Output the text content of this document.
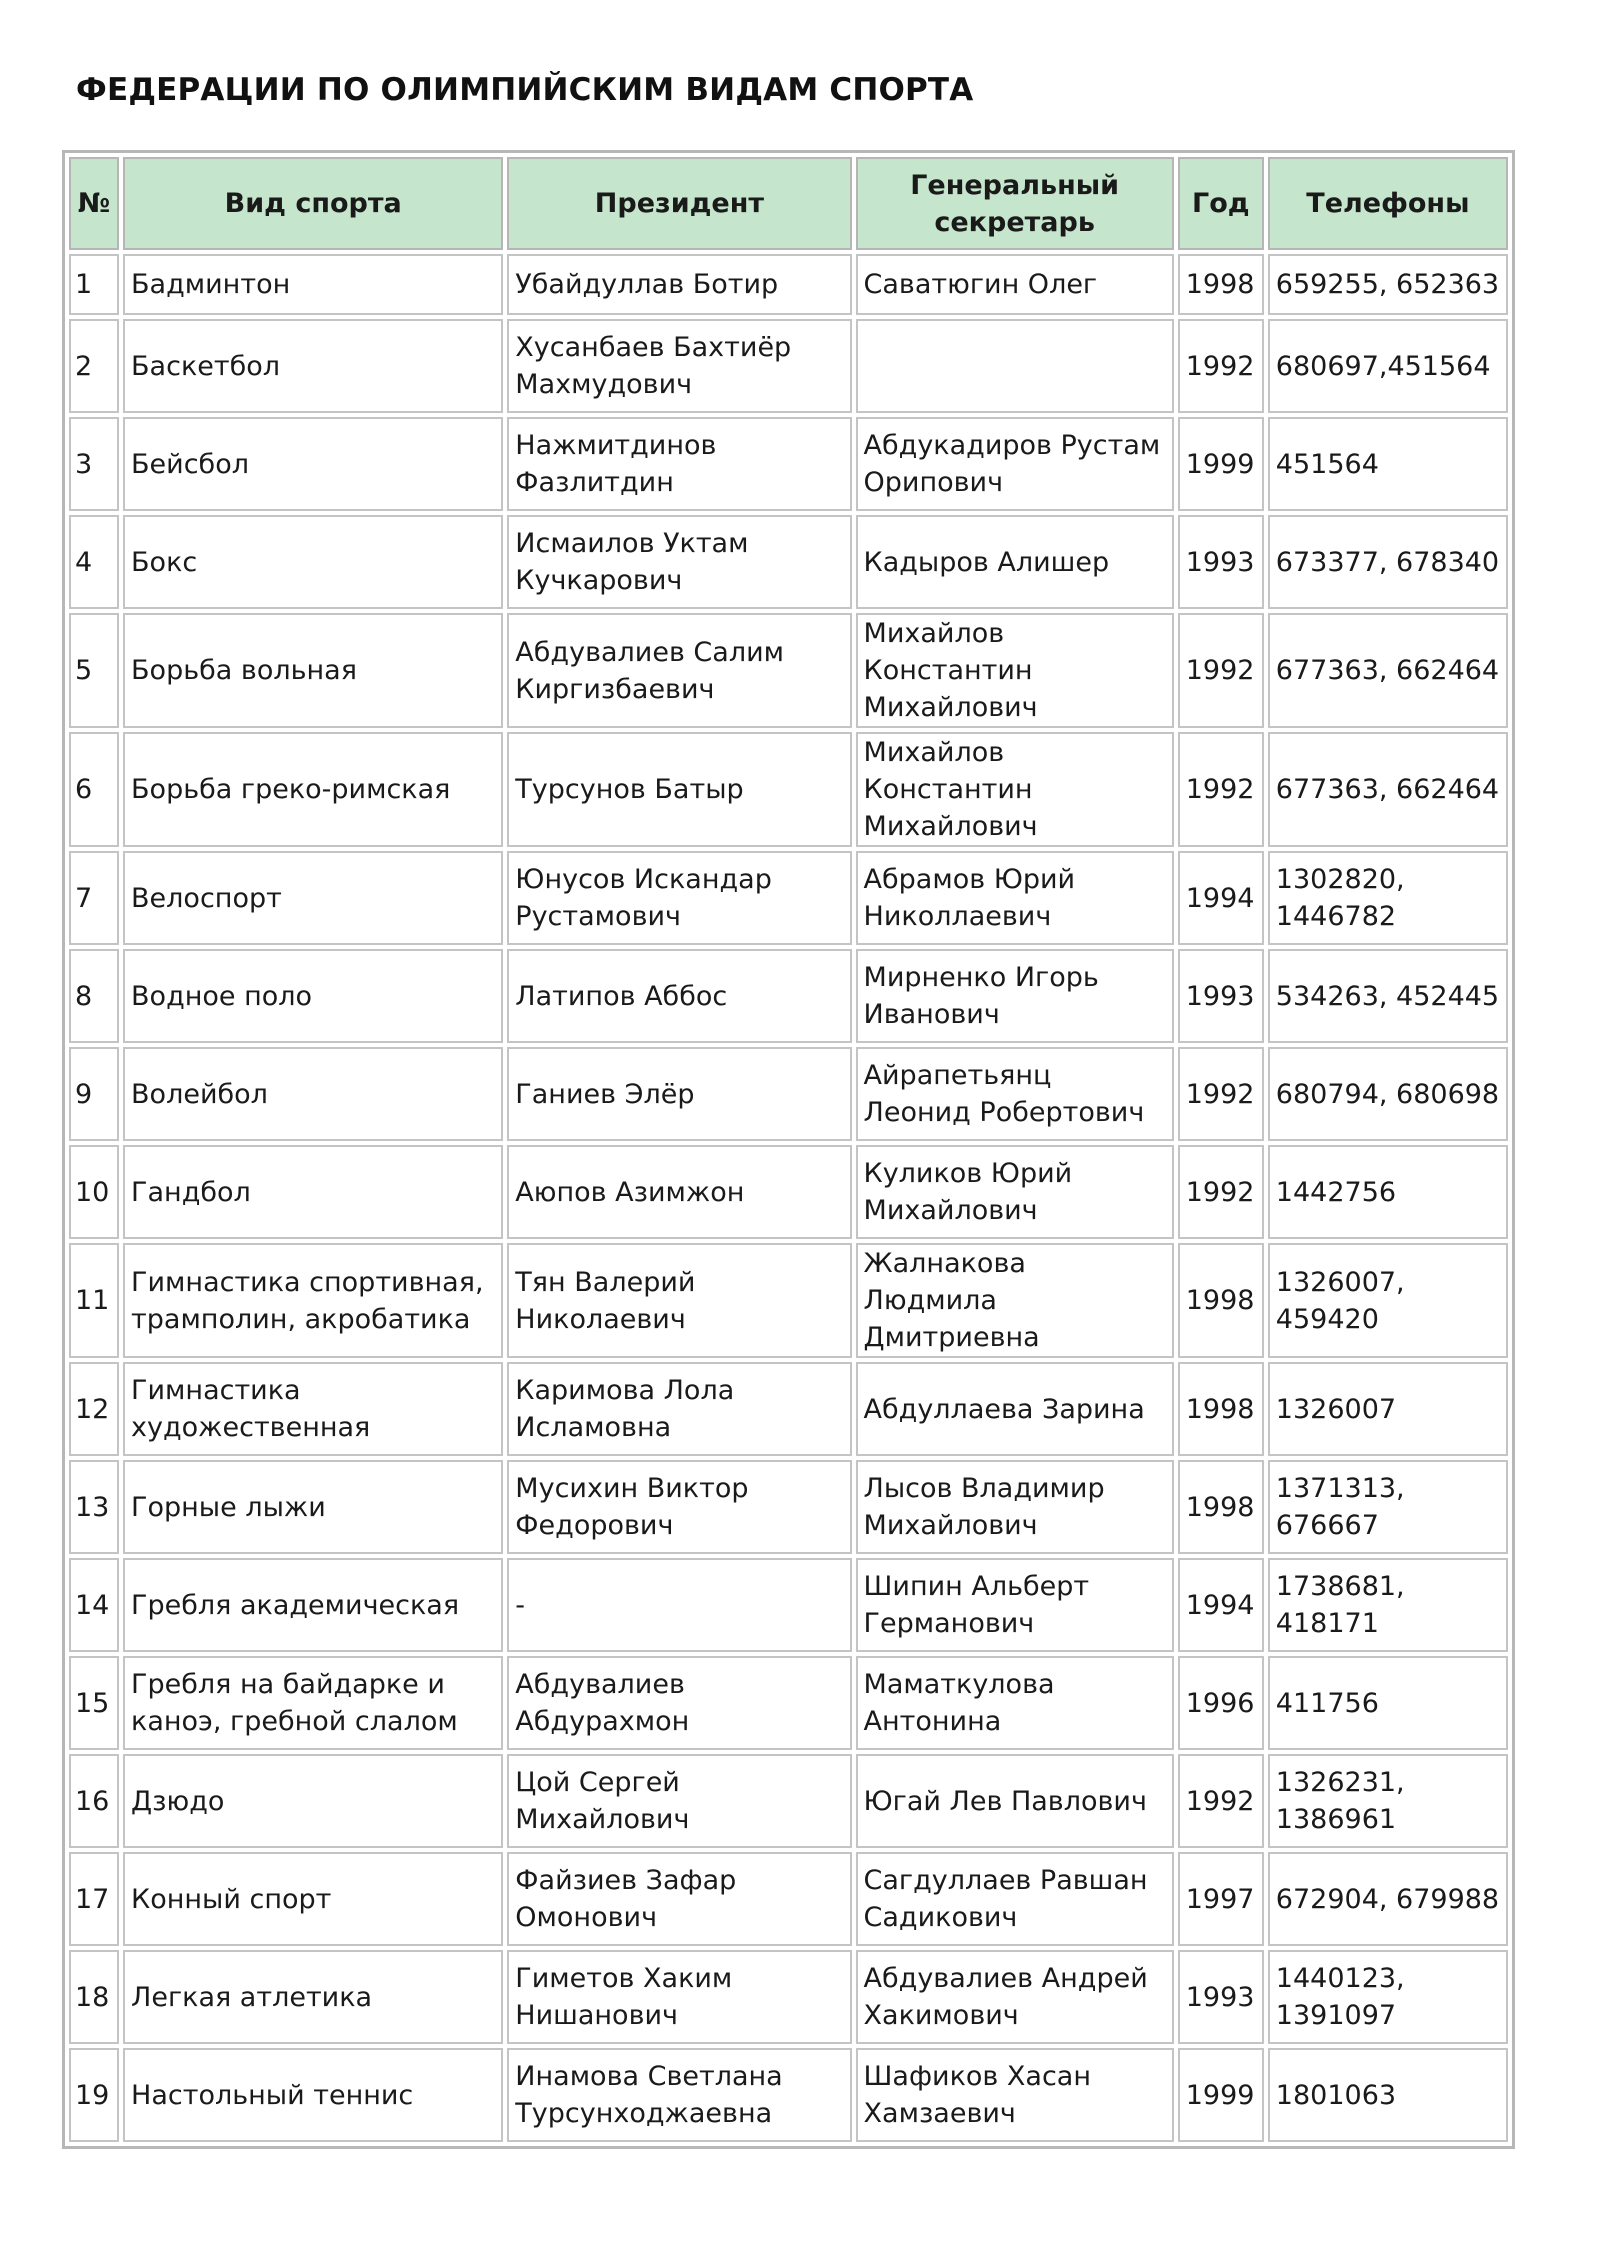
ФЕДЕРАЦИИ ПО ОЛИМПИЙСКИМ ВИДАМ СПОРТА
№	Вид спорта	Президент	Генеральный секретарь	Год	Телефоны
1	Бадминтон	Убайдуллав Ботир	Саватюгин Олег	1998	659255, 652363
2	Баскетбол	Хусанбаев Бахтиёр Махмудович		1992	680697,451564
3	Бейсбол	Нажмитдинов Фазлитдин	Абдукадиров Рустам Орипович	1999	451564
4	Бокс	Исмаилов Уктам Кучкарович	Кадыров Алишер	1993	673377, 678340
5	Борьба вольная	Абдувалиев Салим Киргизбаевич	Михайлов Константин Михайлович	1992	677363, 662464
6	Борьба греко-римская	Турсунов Батыр	Михайлов Константин Михайлович	1992	677363, 662464
7	Велоспорт	Юнусов Искандар Рустамович	Абрамов Юрий Николлаевич	1994	1302820, 1446782
8	Водное поло	Латипов Аббос	Мирненко Игорь Иванович	1993	534263, 452445
9	Волейбол	Ганиев Элёр	Айрапетьянц Леонид Робертович	1992	680794, 680698
10	Гандбол	Аюпов Азимжон	Куликов Юрий Михайлович	1992	1442756
11	Гимнастика спортивная, трамполин, акробатика	Тян Валерий Николаевич	Жалнакова Людмила Дмитриевна	1998	1326007, 459420
12	Гимнастика художественная	Каримова Лола Исламовна	Абдуллаева Зарина	1998	1326007
13	Горные лыжи	Мусихин Виктор Федорович	Лысов Владимир Михайлович	1998	1371313, 676667
14	Гребля академическая	-	Шипин Альберт Германович	1994	1738681, 418171
15	Гребля на байдарке и каноэ, гребной слалом	Абдувалиев Абдурахмон	Маматкулова Антонина	1996	411756
16	Дзюдо	Цой Сергей Михайлович	Югай Лев Павлович	1992	1326231, 1386961
17	Конный спорт	Файзиев Зафар Омонович	Сагдуллаев Равшан Садикович	1997	672904, 679988
18	Легкая атлетика	Гиметов Хаким Нишанович	Абдувалиев Андрей Хакимович	1993	1440123, 1391097
19	Настольный теннис	Инамова Светлана Турсунходжаевна	Шафиков Хасан Хамзаевич	1999	1801063
